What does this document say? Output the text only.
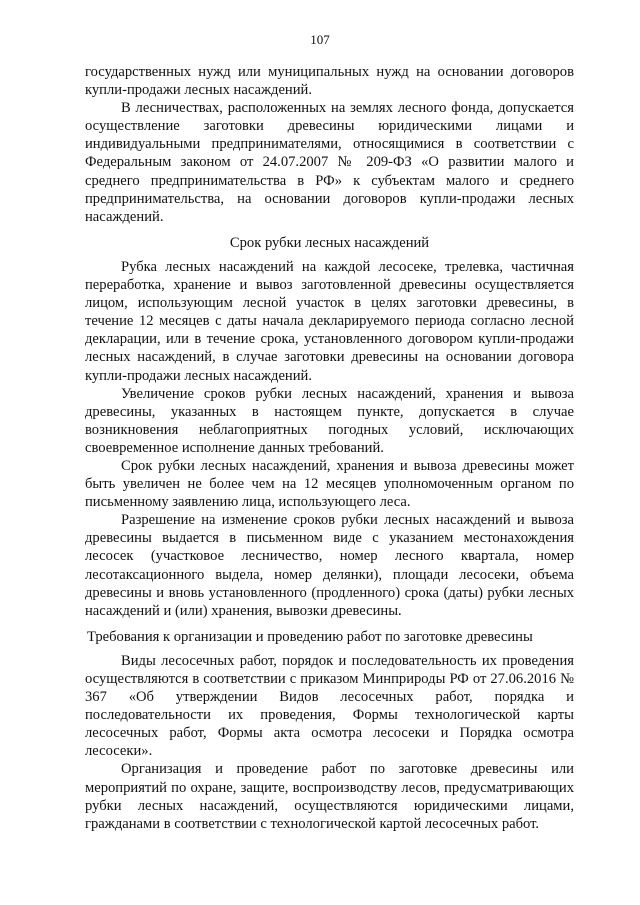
107

государственных нужд или муниципальных нужд на основании договоров купли-продажи лесных насаждений.

В лесничествах, расположенных на землях лесного фонда, допускается осуществление заготовки древесины юридическими лицами и индивидуальными предпринимателями, относящимися в соответствии с Федеральным законом от 24.07.2007 № 209-ФЗ «О развитии малого и среднего предпринимательства в РФ» к субъектам малого и среднего предпринимательства, на основании договоров купли-продажи лесных насаждений.

Срок рубки лесных насаждений

Рубка лесных насаждений на каждой лесосеке, трелевка, частичная переработка, хранение и вывоз заготовленной древесины осуществляется лицом, использующим лесной участок в целях заготовки древесины, в течение 12 месяцев с даты начала декларируемого периода согласно лесной декларации, или в течение срока, установленного договором купли-продажи лесных насаждений, в случае заготовки древесины на основании договора купли-продажи лесных насаждений.

Увеличение сроков рубки лесных насаждений, хранения и вывоза древесины, указанных в настоящем пункте, допускается в случае возникновения неблагоприятных погодных условий, исключающих своевременное исполнение данных требований.

Срок рубки лесных насаждений, хранения и вывоза древесины может быть увеличен не более чем на 12 месяцев уполномоченным органом по письменному заявлению лица, использующего леса.

Разрешение на изменение сроков рубки лесных насаждений и вывоза древесины выдается в письменном виде с указанием местонахождения лесосек (участковое лесничество, номер лесного квартала, номер лесотаксационного выдела, номер делянки), площади лесосеки, объема древесины и вновь установленного (продленного) срока (даты) рубки лесных насаждений и (или) хранения, вывозки древесины.

Требования к организации и проведению работ по заготовке древесины

Виды лесосечных работ, порядок и последовательность их проведения осуществляются в соответствии с приказом Минприроды РФ от 27.06.2016 № 367 «Об утверждении Видов лесосечных работ, порядка и последовательности их проведения, Формы технологической карты лесосечных работ, Формы акта осмотра лесосеки и Порядка осмотра лесосеки».

Организация и проведение работ по заготовке древесины или мероприятий по охране, защите, воспроизводству лесов, предусматривающих рубки лесных насаждений, осуществляются юридическими лицами, гражданами в соответствии с технологической картой лесосечных работ.
